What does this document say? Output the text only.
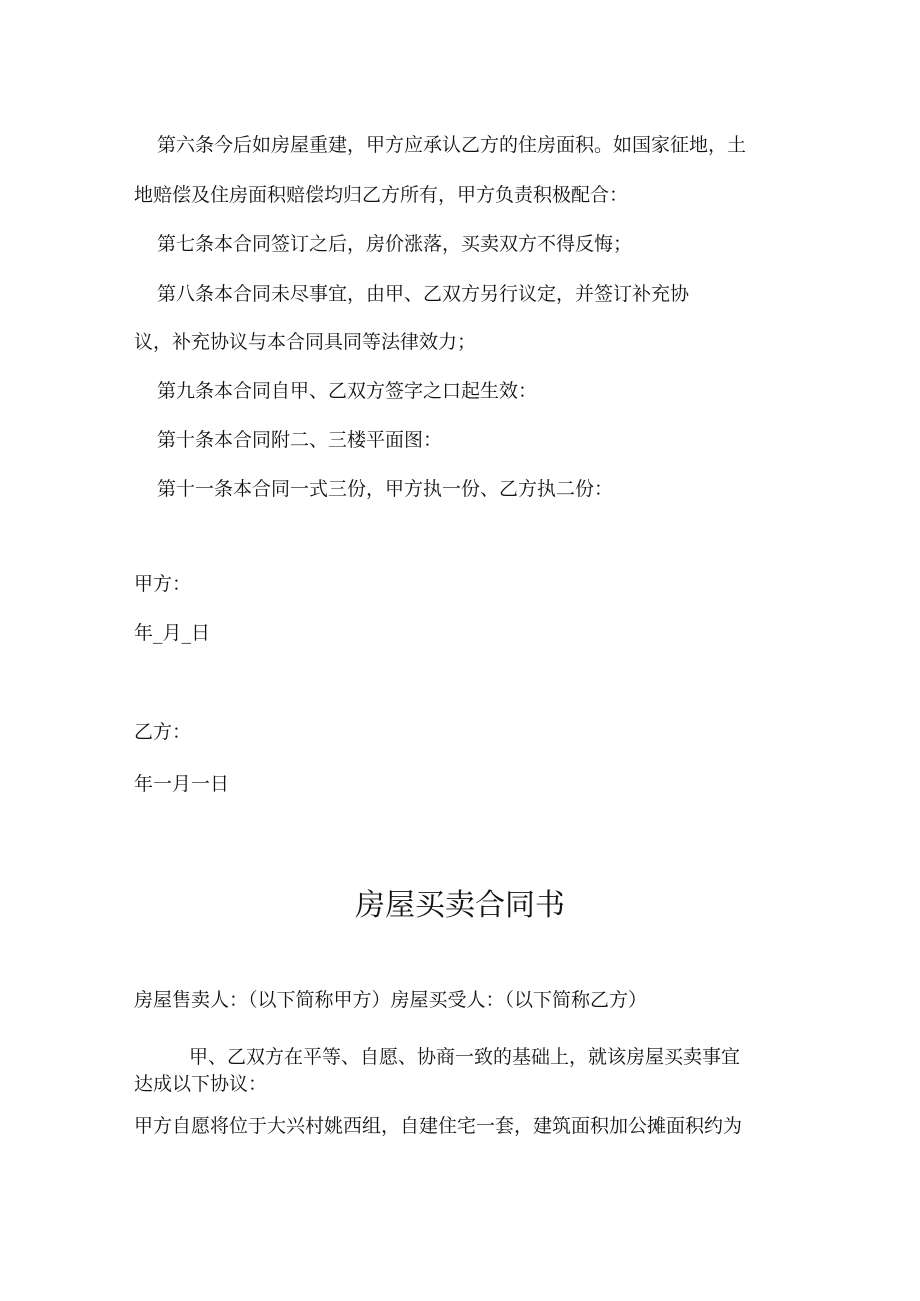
第六条今后如房屋重建，甲方应承认乙方的住房面积。如国家征地，土

地赔偿及住房面积赔偿均归乙方所有，甲方负责积极配合：

第七条本合同签订之后，房价涨落，买卖双方不得反悔；

第八条本合同未尽事宜，由甲、乙双方另行议定，并签订补充协

议，补充协议与本合同具同等法律效力；

第九条本合同自甲、乙双方签字之口起生效：

第十条本合同附二、三楼平面图：

第十一条本合同一式三份，甲方执一份、乙方执二份：

甲方：

年_月_日

乙方：

年一月一日

房屋买卖合同书

房屋售卖人：（以下简称甲方）房屋买受人：（以下简称乙方）

甲、乙双方在平等、自愿、协商一致的基础上，就该房屋买卖事宜

达成以下协议：

甲方自愿将位于大兴村姚西组，自建住宅一套，建筑面积加公摊面积约为
